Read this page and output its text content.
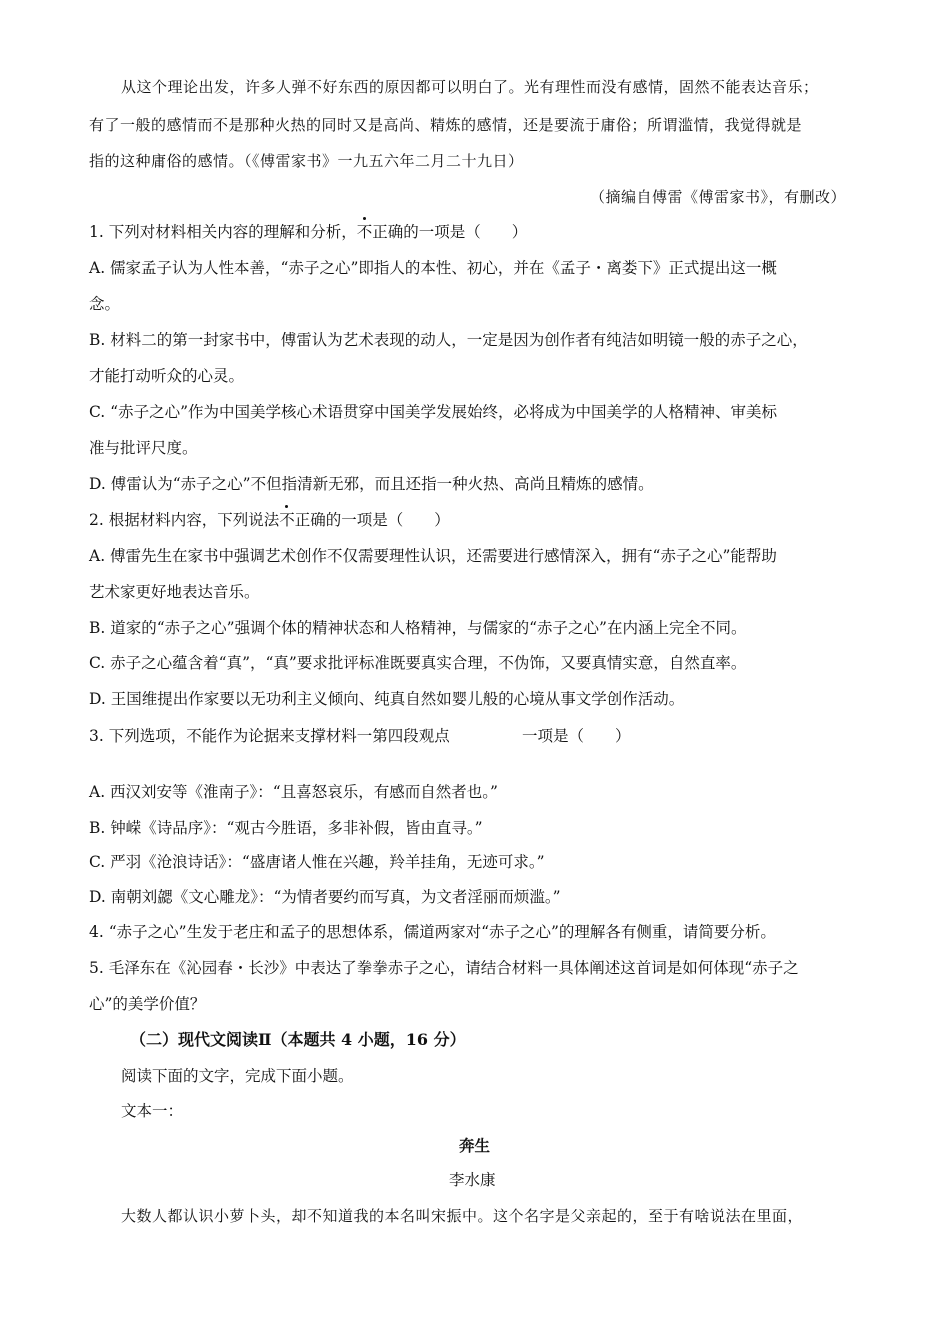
从这个理论出发，许多人弹不好东西的原因都可以明白了。光有理性而没有感情，固然不能表达音乐；
有了一般的感情而不是那种火热的同时又是高尚、精炼的感情，还是要流于庸俗；所谓滥情，我觉得就是
指的这种庸俗的感情。（《傅雷家书》一九五六年二月二十九日）
（摘编自傅雷《傅雷家书》，有删改）
1. 下列对材料相关内容的理解和分析，不正确的一项是（　　）
A. 儒家孟子认为人性本善，“赤子之心”即指人的本性、初心，并在《孟子・离娄下》正式提出这一概
念。
B. 材料二的第一封家书中，傅雷认为艺术表现的动人，一定是因为创作者有纯洁如明镜一般的赤子之心，
才能打动听众的心灵。
C. “赤子之心”作为中国美学核心术语贯穿中国美学发展始终，必将成为中国美学的人格精神、审美标
准与批评尺度。
D. 傅雷认为“赤子之心”不但指清新无邪，而且还指一种火热、高尚且精炼的感情。
2. 根据材料内容，下列说法不正确的一项是（　　）
A. 傅雷先生在家书中强调艺术创作不仅需要理性认识，还需要进行感情深入，拥有“赤子之心”能帮助
艺术家更好地表达音乐。
B. 道家的“赤子之心”强调个体的精神状态和人格精神，与儒家的“赤子之心”在内涵上完全不同。
C. 赤子之心蕴含着“真”，“真”要求批评标准既要真实合理，不伪饰，又要真情实意，自然直率。
D. 王国维提出作家要以无功利主义倾向、纯真自然如婴儿般的心境从事文学创作活动。
3. 下列选项，不能作为论据来支撑材料一第四段观点	一项是（　　）
A. 西汉刘安等《淮南子》：“且喜怒哀乐，有感而自然者也。”
B. 钟嵘《诗品序》：“观古今胜语，多非补假，皆由直寻。”
C. 严羽《沧浪诗话》：“盛唐诸人惟在兴趣，羚羊挂角，无迹可求。”
D. 南朝刘勰《文心雕龙》：“为情者要约而写真，为文者淫丽而烦滥。”
4. “赤子之心”生发于老庄和孟子的思想体系，儒道两家对“赤子之心”的理解各有侧重，请简要分析。
5. 毛泽东在《沁园春・长沙》中表达了拳拳赤子之心，请结合材料一具体阐述这首词是如何体现“赤子之
心”的美学价值？
（二）现代文阅读Ⅱ（本题共 4 小题，16 分）
阅读下面的文字，完成下面小题。
文本一：
奔生
李水康
大数人都认识小萝卜头，却不知道我的本名叫宋振中。这个名字是父亲起的，至于有啥说法在里面，
